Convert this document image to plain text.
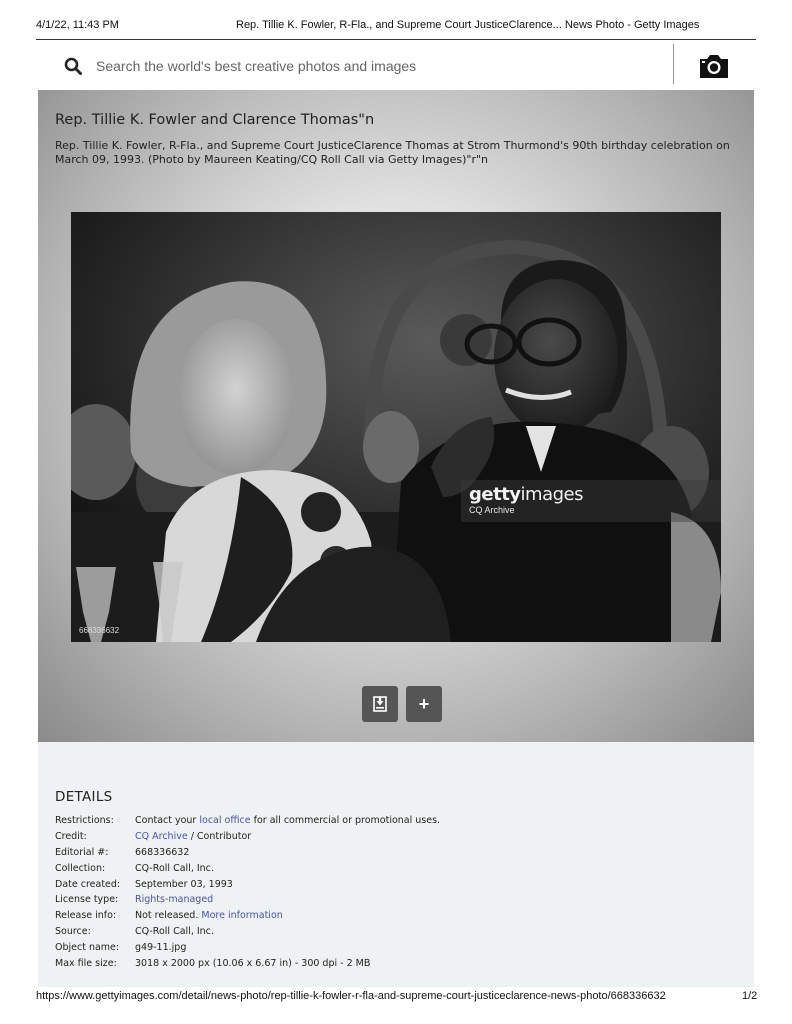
4/1/22, 11:43 PM	Rep. Tillie K. Fowler, R-Fla., and Supreme Court JusticeClarence... News Photo - Getty Images
Search the world's best creative photos and images
Rep. Tillie K. Fowler and Clarence Thomas"n
Rep. Tillie K. Fowler, R-Fla., and Supreme Court JusticeClarence Thomas at Strom Thurmond's 90th birthday celebration on March 09, 1993. (Photo by Maureen Keating/CQ Roll Call via Getty Images)"r"n
gettyimages
CQ Archive
668336632
+
DETAILS
Restrictions: Contact your local office for all commercial or promotional uses.
Credit:	CQ Archive / Contributor
Editorial #:	668336632
Collection:	CQ-Roll Call, Inc.
Date created: September 03, 1993
License type: Rights-managed
Release info: Not released. More information
Source:	CQ-Roll Call, Inc.
Object name: g49-11.jpg
Max file size: 3018 x 2000 px (10.06 x 6.67 in) - 300 dpi - 2 MB
https://www.gettyimages.com/detail/news-photo/rep-tillie-k-fowler-r-fla-and-supreme-court-justiceclarence-news-photo/668336632	1/2
